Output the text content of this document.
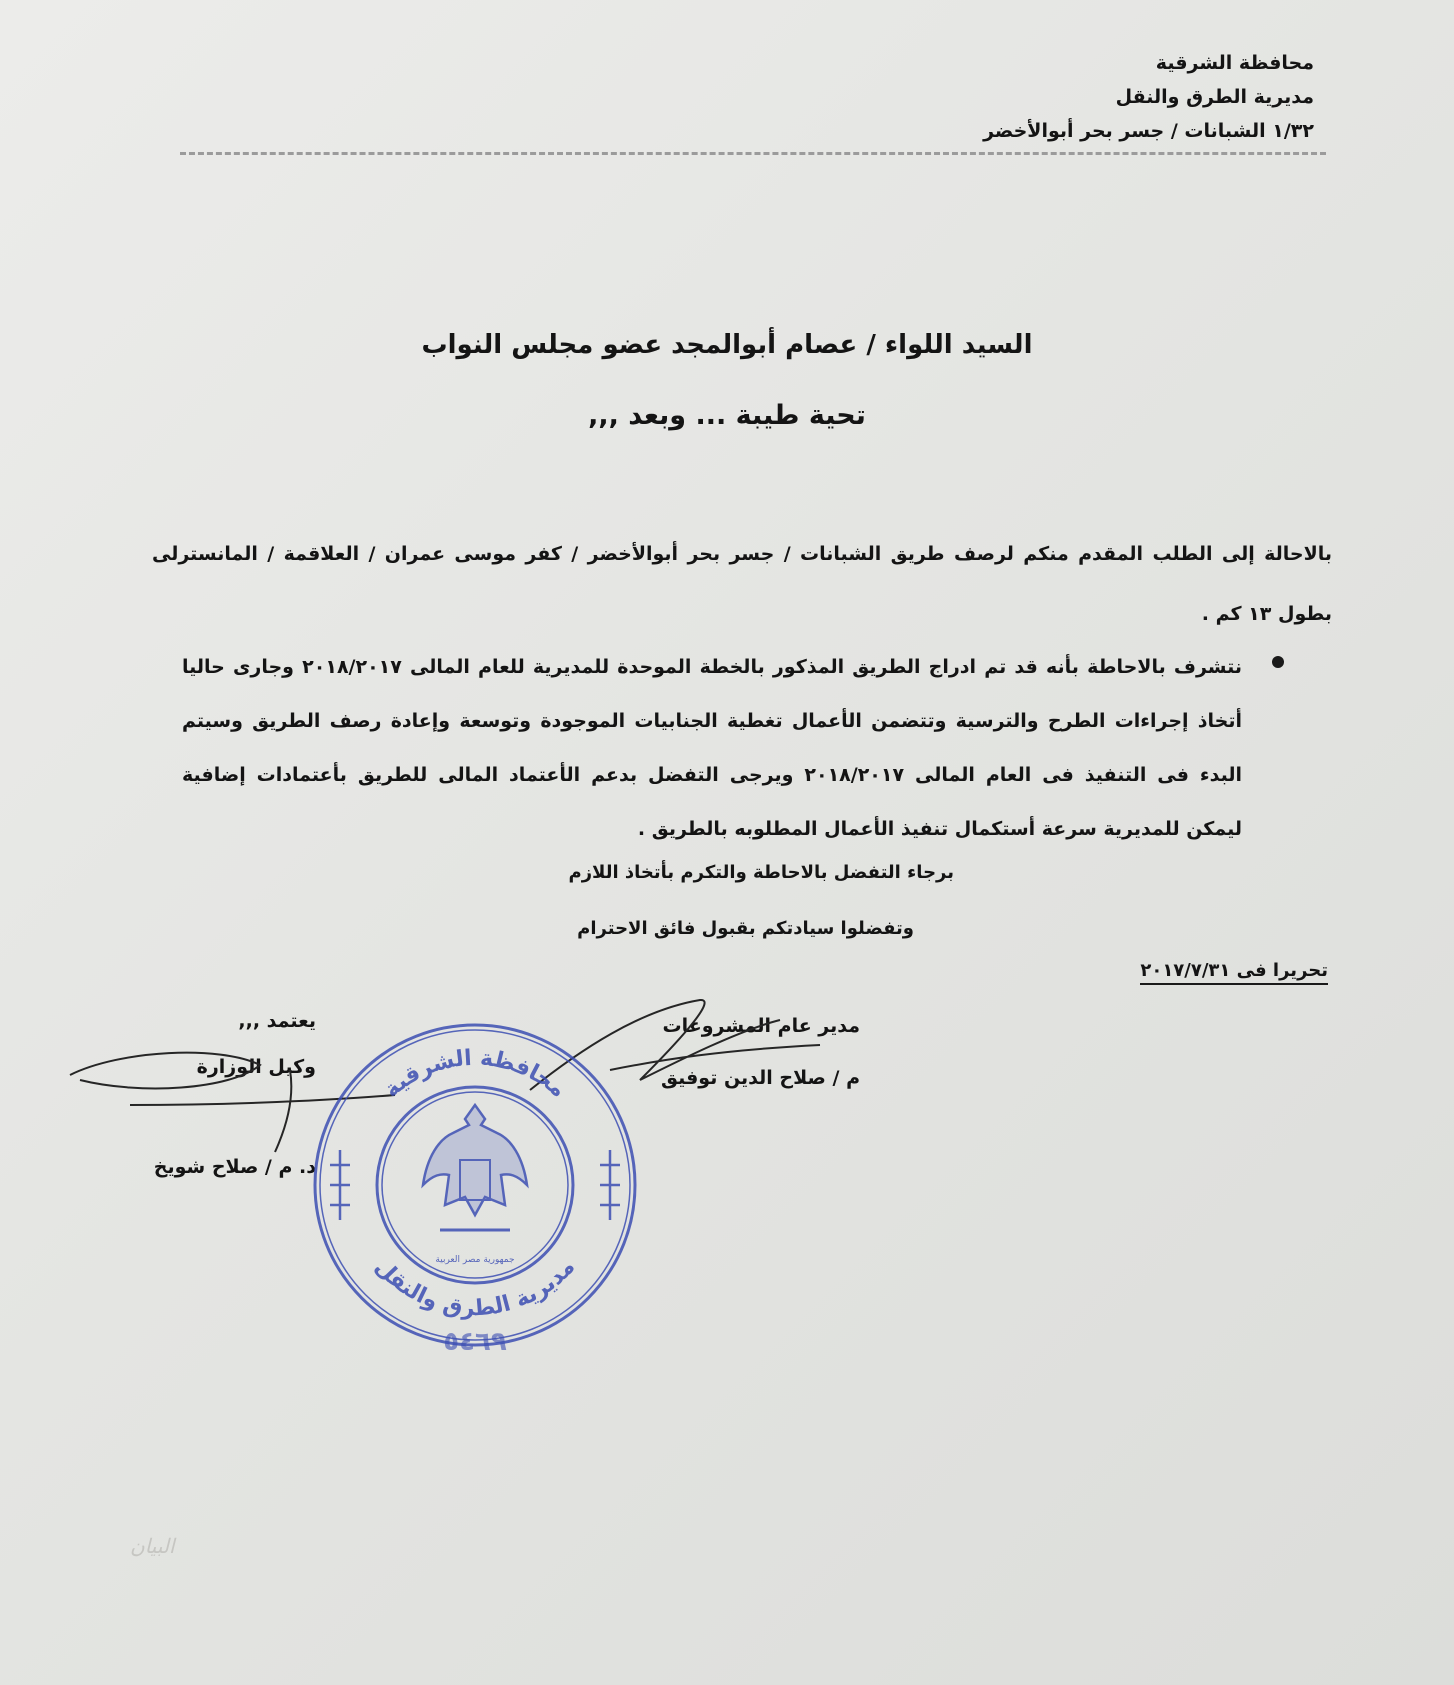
محافظة الشرقية
مديرية الطرق والنقل
١/٣٢ الشبانات / جسر بحر أبوالأخضر
السيد اللواء / عصام أبوالمجد عضو مجلس النواب
تحية طيبة ... وبعد ,,,
بالاحالة إلى الطلب المقدم منكم لرصف طريق الشبانات / جسر بحر أبوالأخضر / كفر موسى عمران / العلاقمة / المانسترلى بطول ١٣ كم .
نتشرف بالاحاطة بأنه قد تم ادراج الطريق المذكور بالخطة الموحدة للمديرية للعام المالى ٢٠١٨/٢٠١٧ وجارى حاليا أتخاذ إجراءات الطرح والترسية وتتضمن الأعمال تغطية الجنابيات الموجودة وتوسعة وإعادة رصف الطريق وسيتم البدء فى التنفيذ فى العام المالى ٢٠١٨/٢٠١٧ ويرجى التفضل بدعم الأعتماد المالى للطريق بأعتمادات إضافية ليمكن للمديرية سرعة أستكمال تنفيذ الأعمال المطلوبه بالطريق .
برجاء التفضل بالاحاطة والتكرم بأتخاذ اللازم
وتفضلوا سيادتكم بقبول فائق الاحترام
تحريرا فى ٢٠١٧/٧/٣١
مدير عام المشروعات
م / صلاح الدين توفيق
يعتمد ,,,
وكيل الوزارة
د. م / صلاح شويخ
محافظة الشرقية
مديرية الطرق والنقل
جمهورية مصر العربية
٥٤٦٩
البيان
